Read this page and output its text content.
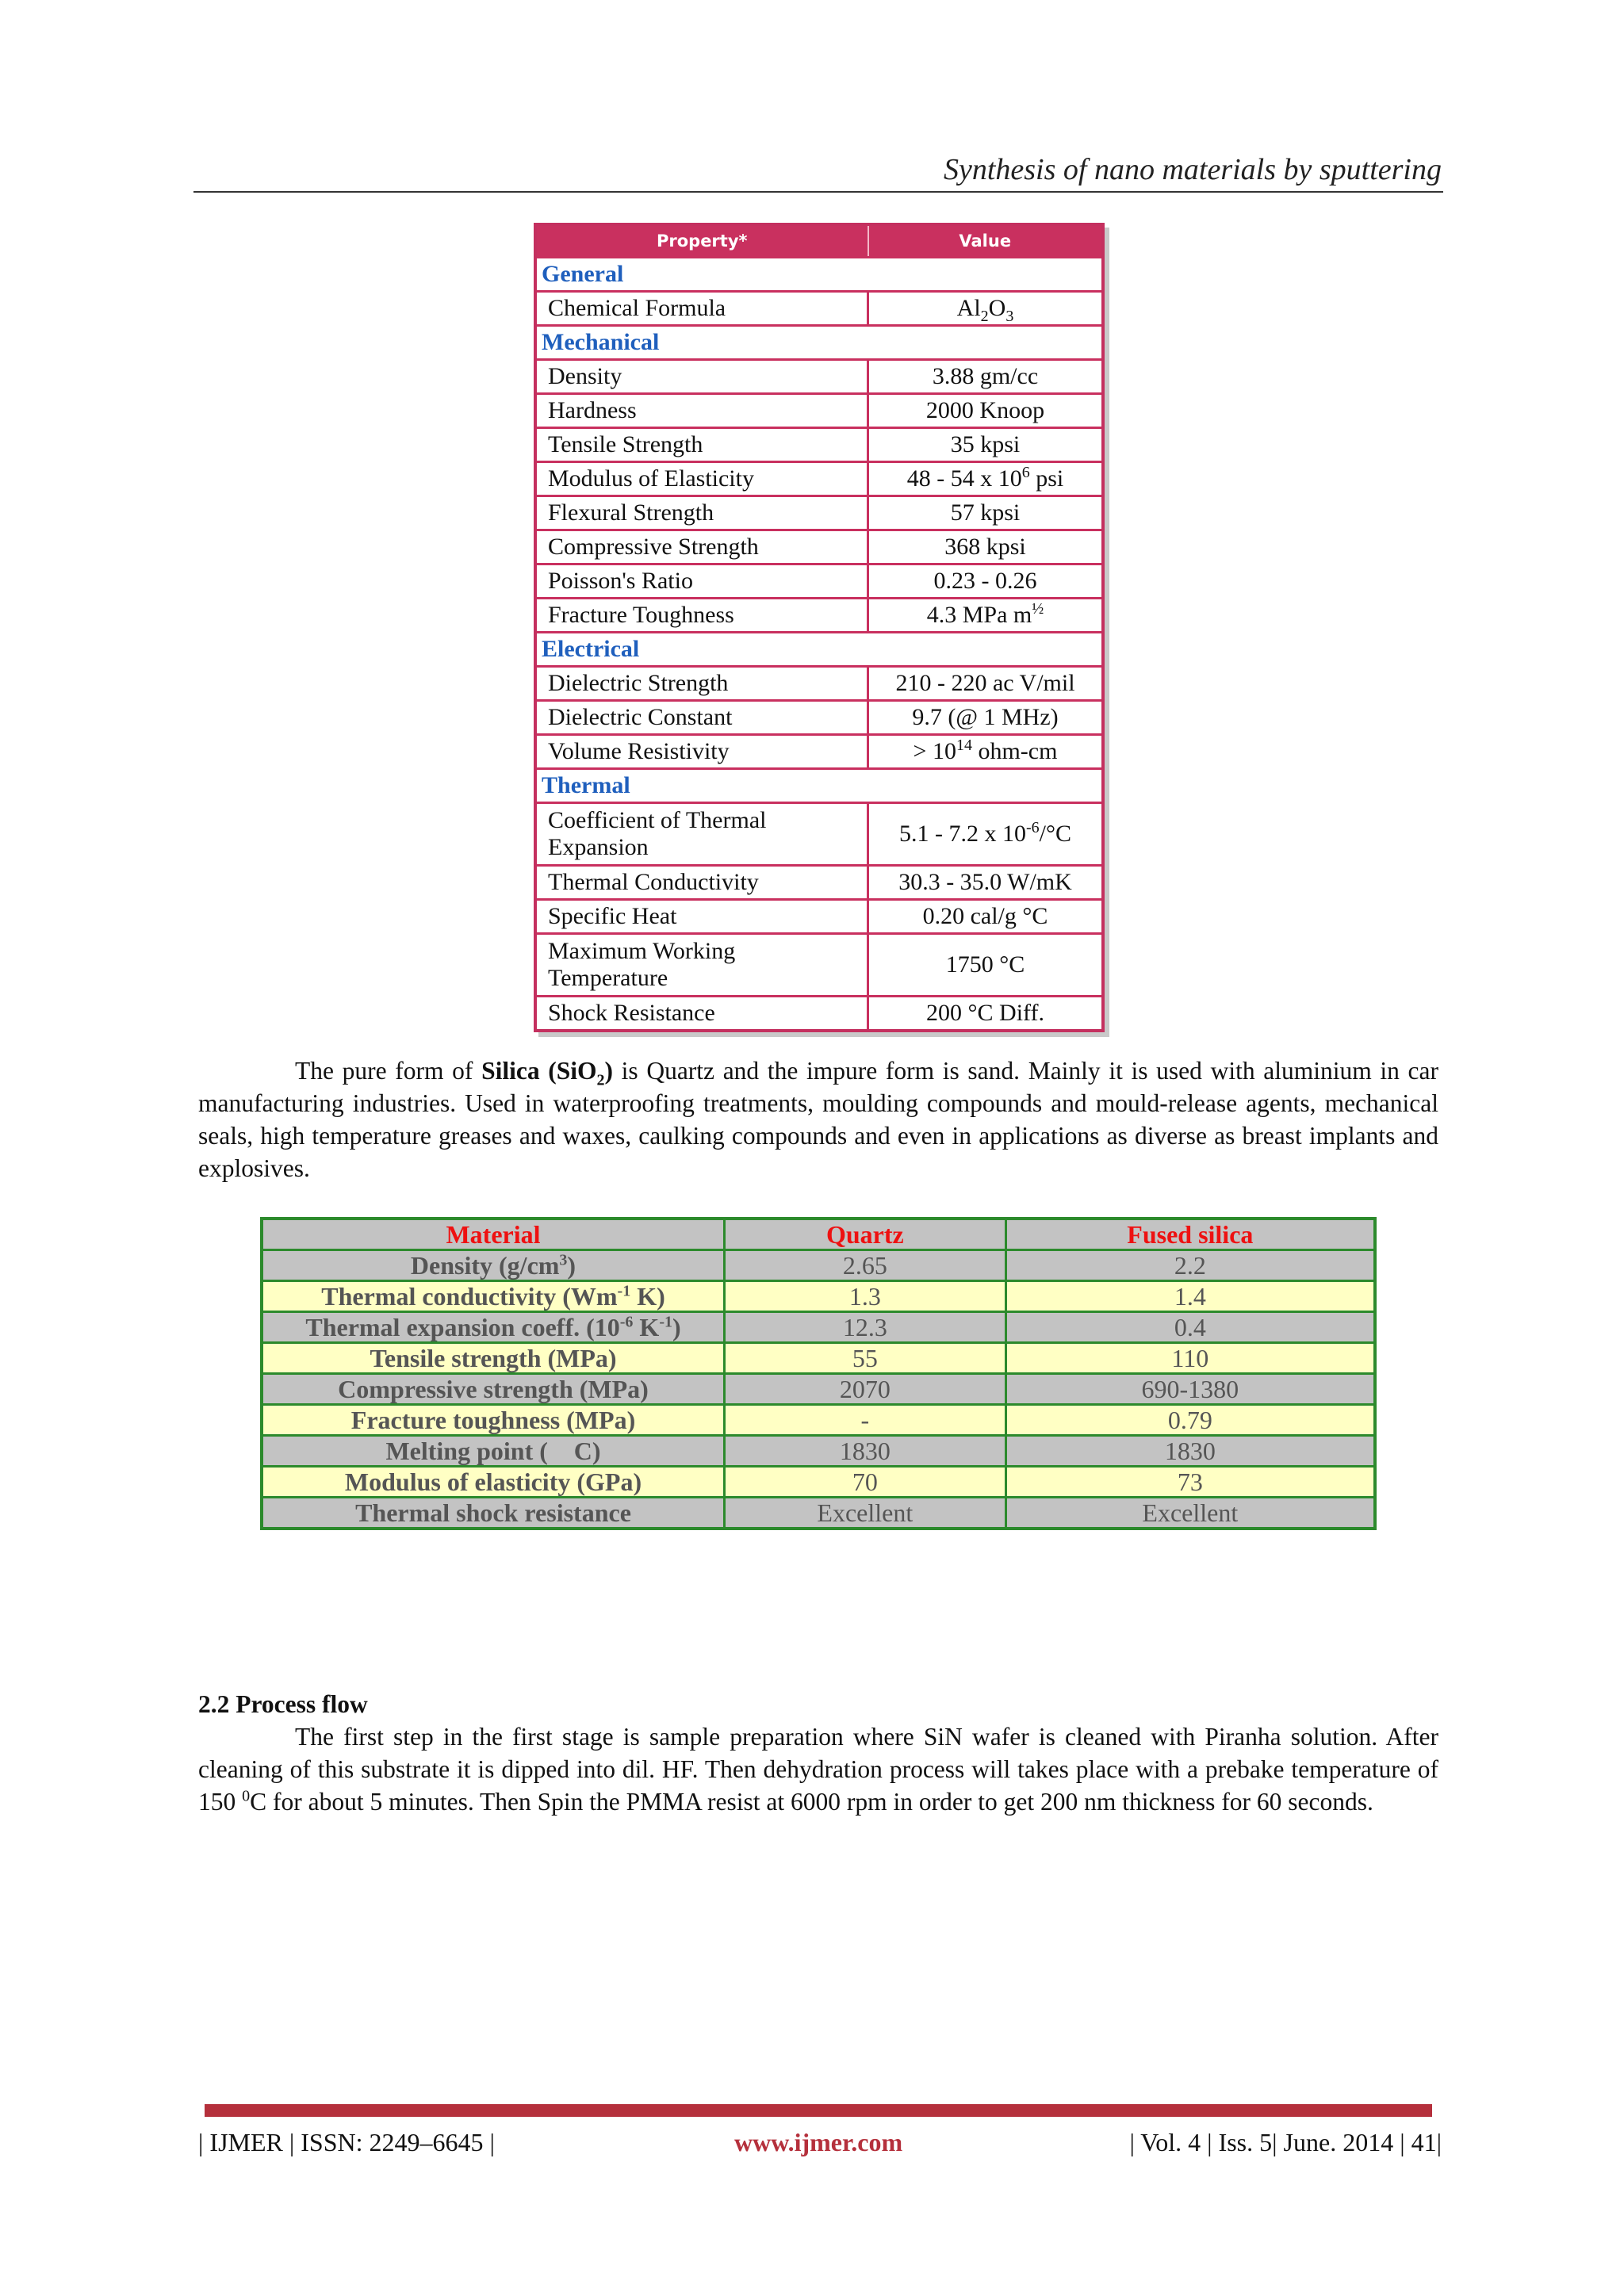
Synthesis of nano materials by sputtering
Property*	Value
General	
Chemical Formula	$Al_2O_3$
Mechanical	
Density	3.88 gm/cc
Hardness	2000 Knoop
Tensile Strength	35 kpsi
Modulus of Elasticity	48 - 54 x $10^6$ psi
Flexural Strength	57 kpsi
Compressive Strength	368 kpsi
Poisson's Ratio	0.23 - 0.26
Fracture Toughness	4.3 MPa $m^{\frac{1}{2}}$
Electrical	
Dielectric Strength	210 - 220 ac V/mil
Dielectric Constant	9.7 (@ 1 MHz)
Volume Resistivity	> $10^{14}$ ohm-cm
Thermal	
Coefficient of Thermal
Expansion	5.1 - 7.2 x $10^{-6}/^\circ C$
Thermal Conductivity	30.3 - 35.0 W/mK
Specific Heat	0.20 cal/g °C
Maximum Working
Temperature	1750 °C
Shock Resistance	200 °C Diff.
The pure form of Silica (SiO$_2$) is Quartz and the impure form is sand. Mainly it is used with aluminium in car manufacturing industries. Used in waterproofing treatments, moulding compounds and mould-release agents, mechanical seals, high temperature greases and waxes, caulking compounds and even in applications as diverse as breast implants and explosives.
Material	Quartz	Fused silica
Density $(g/cm^3)$	2.65	2.2
Thermal conductivity ($Wm^{-1}$ K)	1.3	1.4
Thermal expansion coeff. ($10^{-6}$ $K^{-1}$)	12.3	0.4
Tensile strength (MPa)	55	110
Compressive strength (MPa)	2070	690-1380
Fracture toughness (MPa)	-	0.79
Melting point ( C)	1830	1830
Modulus of elasticity (GPa)	70	73
Thermal shock resistance	Excellent	Excellent
2.2 Process flow
The first step in the first stage is sample preparation where SiN wafer is cleaned with Piranha solution. After cleaning of this substrate it is dipped into dil. HF. Then dehydration process will takes place with a prebake temperature of 150 $^0$C for about 5 minutes. Then Spin the PMMA resist at 6000 rpm in order to get 200 nm thickness for 60 seconds.
| IJMER | ISSN: 2249–6645 |	www.ijmer.com	| Vol. 4 | Iss. 5| June. 2014 | 41|
